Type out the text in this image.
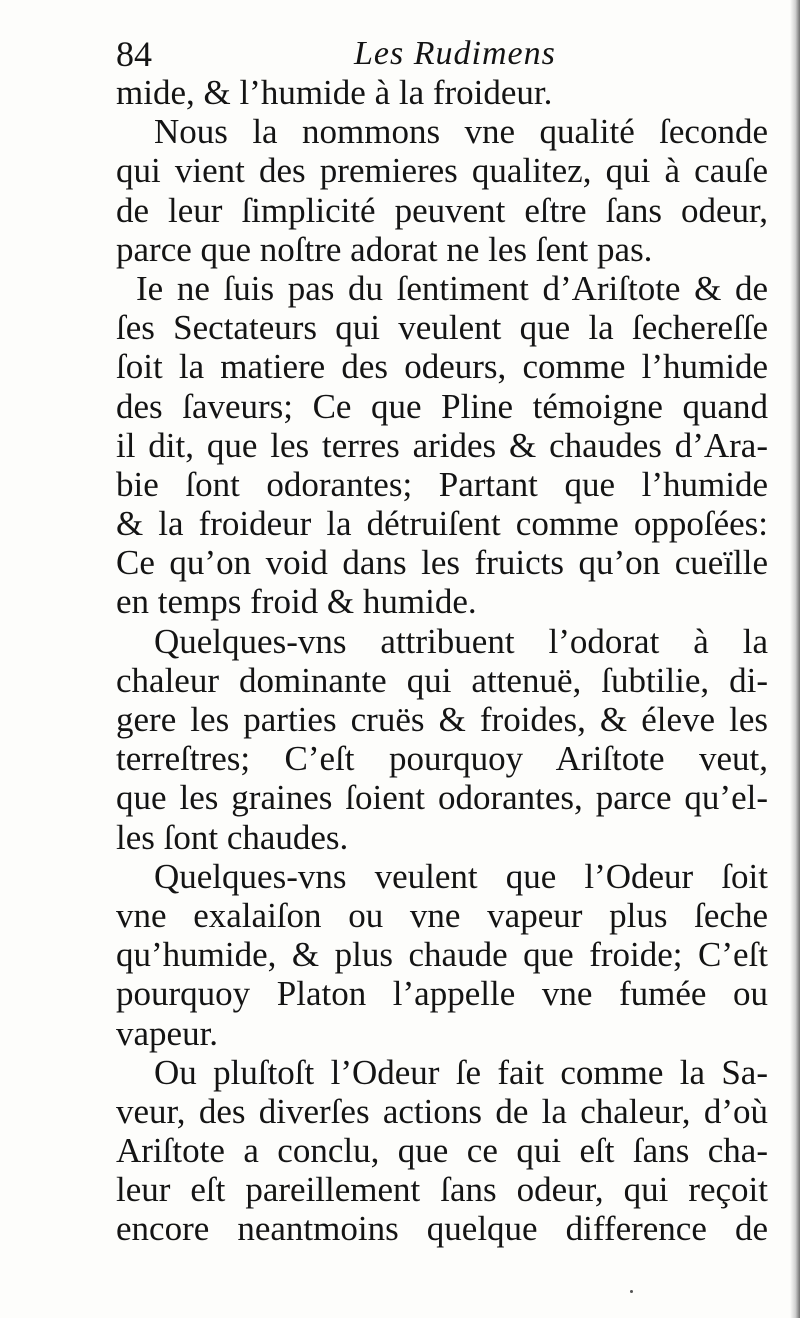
84	Les Rudimens
mide, & l’humide à la froideur.
Nous la nommons vne qualité ſeconde
qui vient des premieres qualitez, qui à cauſe
de leur ſimplicité peuvent eſtre ſans odeur,
parce que noſtre adorat ne les ſent pas.
Ie ne ſuis pas du ſentiment d’Ariſtote & de
ſes Sectateurs qui veulent que la ſechereſſe
ſoit la matiere des odeurs, comme l’humide
des ſaveurs; Ce que Pline témoigne quand
il dit, que les terres arides & chaudes d’Ara-
bie ſont odorantes; Partant que l’humide
& la froideur la détruiſent comme oppoſées:
Ce qu’on void dans les fruicts qu’on cueïlle
en temps froid & humide.
Quelques-vns attribuent l’odorat à la
chaleur dominante qui attenuë, ſubtilie, di-
gere les parties cruës & froides, & éleve les
terreſtres; C’eſt pourquoy Ariſtote veut,
que les graines ſoient odorantes, parce qu’el-
les ſont chaudes.
Quelques-vns veulent que l’Odeur ſoit
vne exalaiſon ou vne vapeur plus ſeche
qu’humide, & plus chaude que froide; C’eſt
pourquoy Platon l’appelle vne fumée ou
vapeur.
Ou pluſtoſt l’Odeur ſe fait comme la Sa-
veur, des diverſes actions de la chaleur, d’où
Ariſtote a conclu, que ce qui eſt ſans cha-
leur eſt pareillement ſans odeur, qui reçoit
encore neantmoins quelque difference de
